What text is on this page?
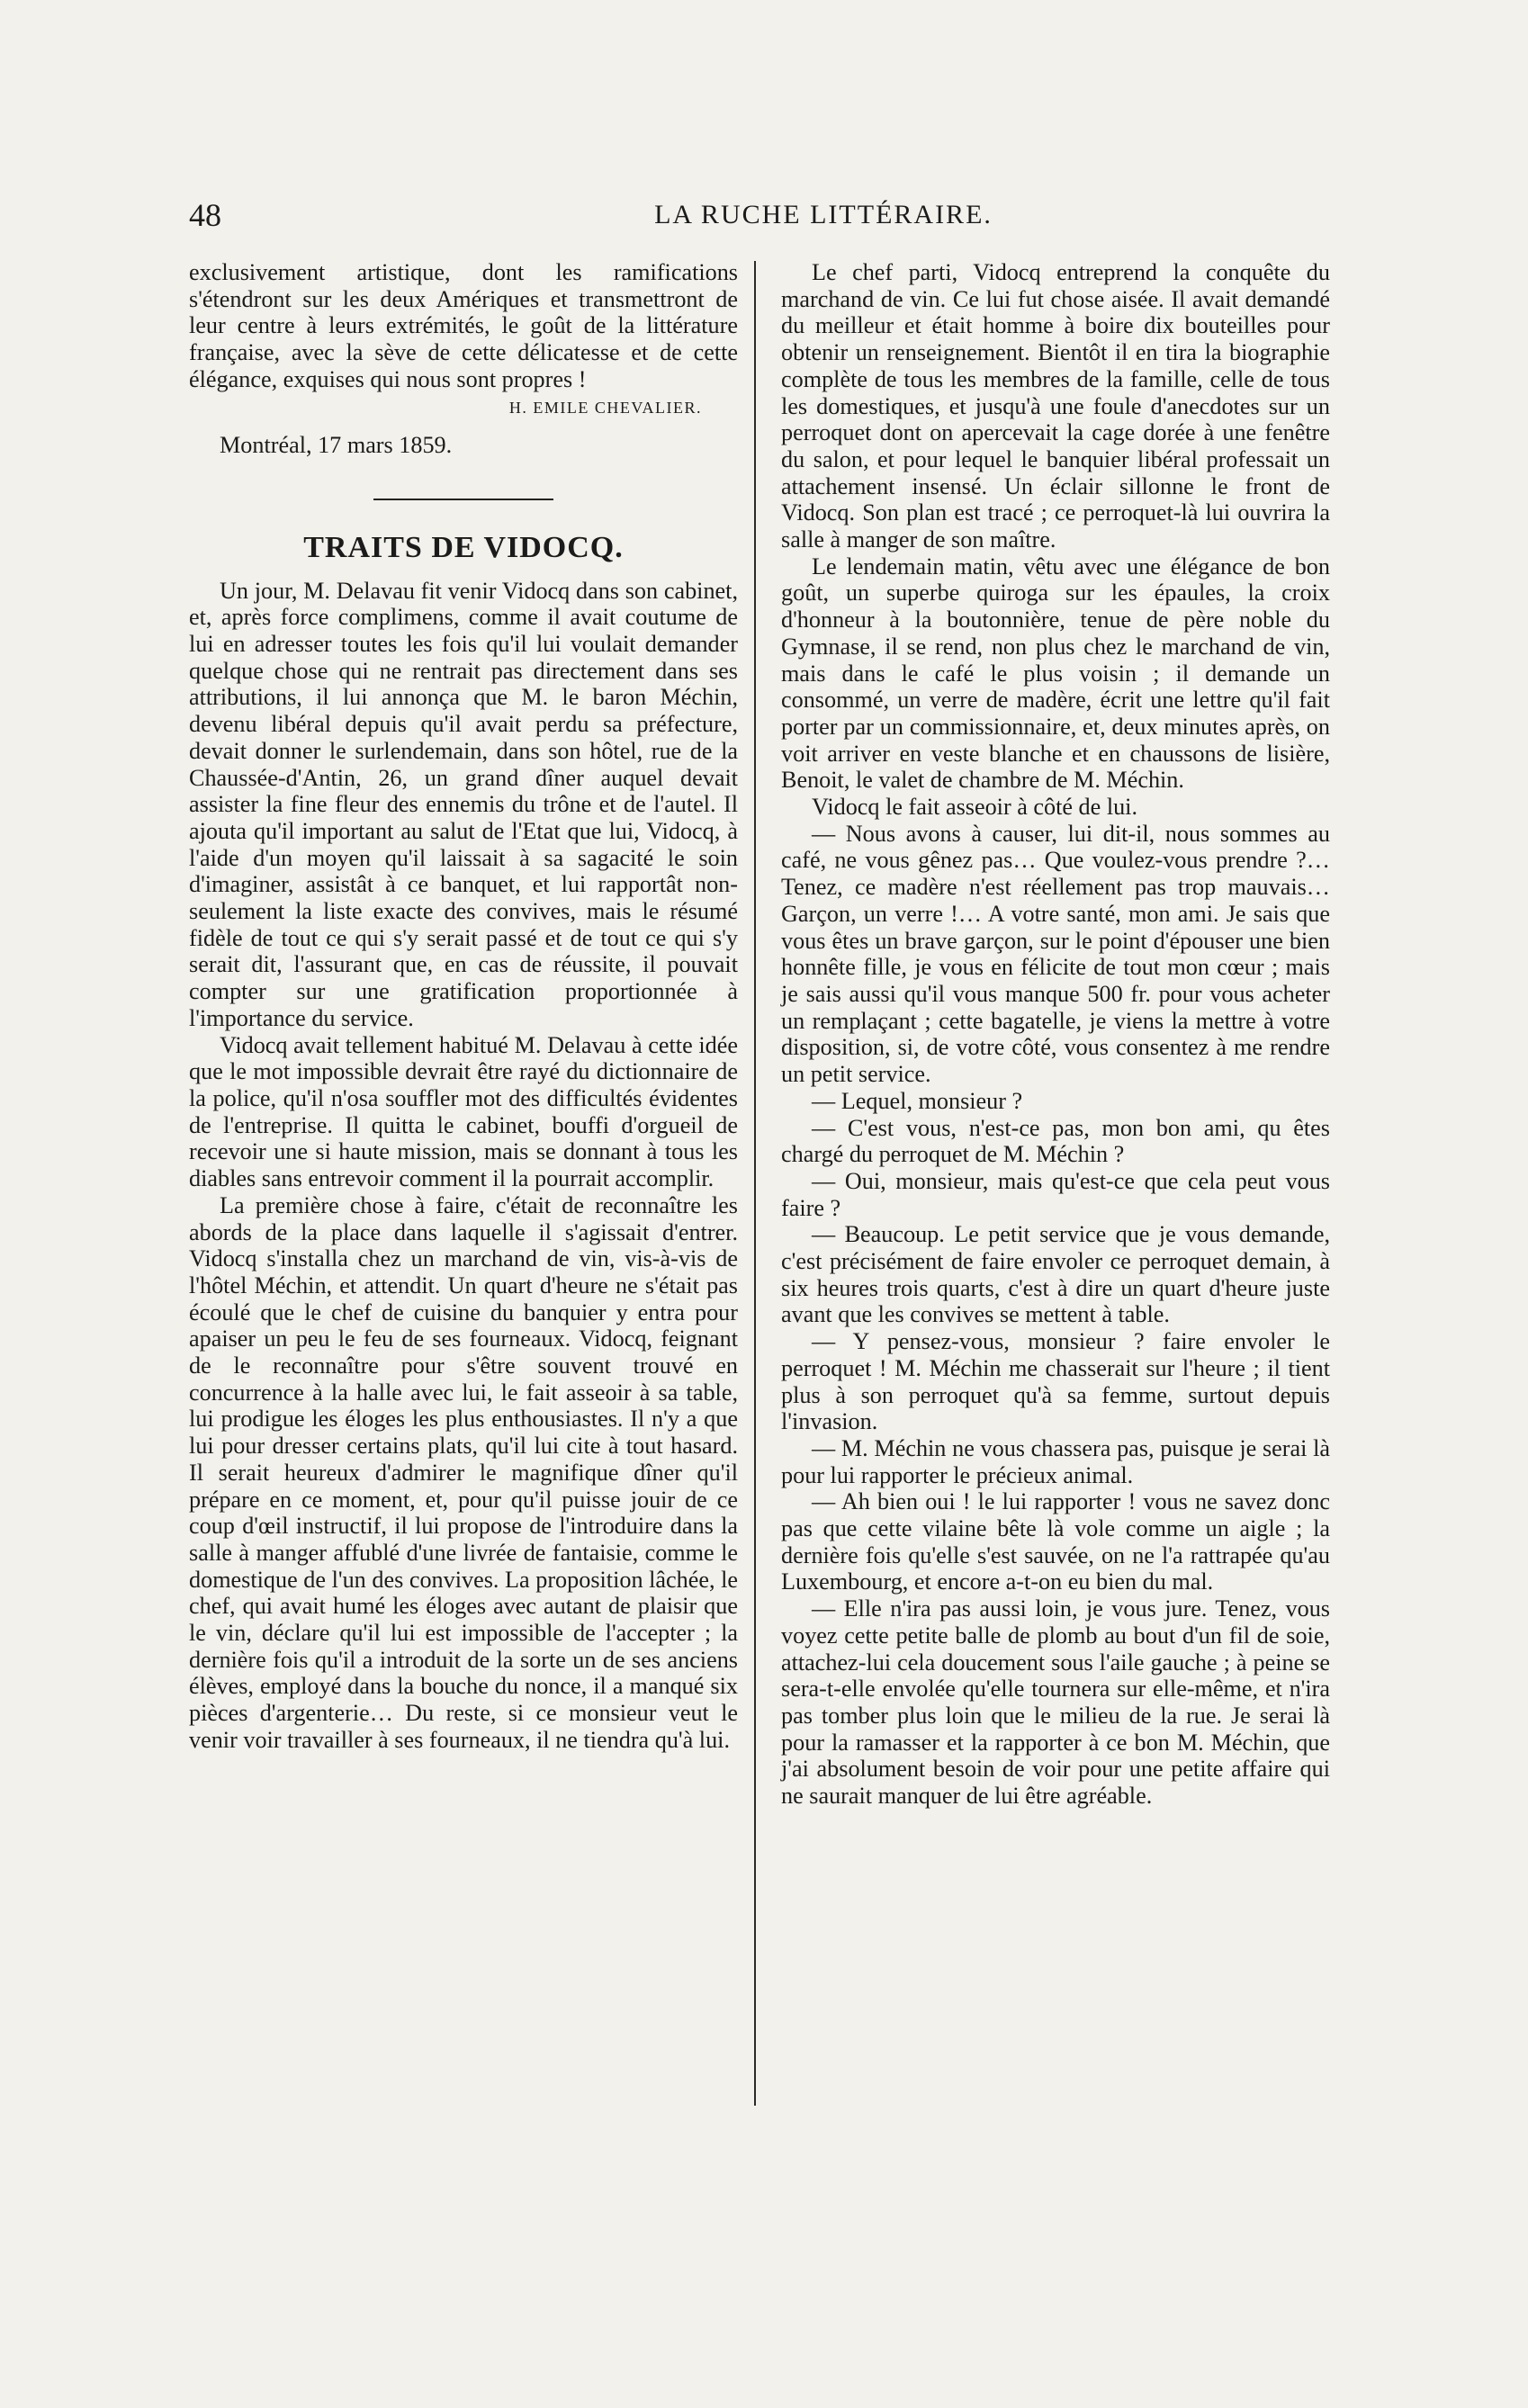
48	LA RUCHE LITTÉRAIRE.

exclusivement artistique, dont les ramifications s'étendront sur les deux Amériques et transmettront de leur centre à leurs extrémités, le goût de la littérature française, avec la sève de cette délicatesse et de cette élégance, exquises qui nous sont propres !

H. EMILE CHEVALIER.

Montréal, 17 mars 1859.

TRAITS DE VIDOCQ.

Un jour, M. Delavau fit venir Vidocq dans son cabinet, et, après force complimens, comme il avait coutume de lui en adresser toutes les fois qu'il lui voulait demander quelque chose qui ne rentrait pas directement dans ses attributions, il lui annonça que M. le baron Méchin, devenu libéral depuis qu'il avait perdu sa préfecture, devait donner le surlendemain, dans son hôtel, rue de la Chaussée-d'Antin, 26, un grand dîner auquel devait assister la fine fleur des ennemis du trône et de l'autel. Il ajouta qu'il important au salut de l'Etat que lui, Vidocq, à l'aide d'un moyen qu'il laissait à sa sagacité le soin d'imaginer, assistât à ce banquet, et lui rapportât non-seulement la liste exacte des convives, mais le résumé fidèle de tout ce qui s'y serait passé et de tout ce qui s'y serait dit, l'assurant que, en cas de réussite, il pouvait compter sur une gratification proportionnée à l'importance du service.

Vidocq avait tellement habitué M. Delavau à cette idée que le mot impossible devrait être rayé du dictionnaire de la police, qu'il n'osa souffler mot des difficultés évidentes de l'entreprise. Il quitta le cabinet, bouffi d'orgueil de recevoir une si haute mission, mais se donnant à tous les diables sans entrevoir comment il la pourrait accomplir.

La première chose à faire, c'était de reconnaître les abords de la place dans laquelle il s'agissait d'entrer. Vidocq s'installa chez un marchand de vin, vis-à-vis de l'hôtel Méchin, et attendit. Un quart d'heure ne s'était pas écoulé que le chef de cuisine du banquier y entra pour apaiser un peu le feu de ses fourneaux. Vidocq, feignant de le reconnaître pour s'être souvent trouvé en concurrence à la halle avec lui, le fait asseoir à sa table, lui prodigue les éloges les plus enthousiastes. Il n'y a que lui pour dresser certains plats, qu'il lui cite à tout hasard. Il serait heureux d'admirer le magnifique dîner qu'il prépare en ce moment, et, pour qu'il puisse jouir de ce coup d'œil instructif, il lui propose de l'introduire dans la salle à manger affublé d'une livrée de fantaisie, comme le domestique de l'un des convives. La proposition lâchée, le chef, qui avait humé les éloges avec autant de plaisir que le vin, déclare qu'il lui est impossible de l'accepter ; la dernière fois qu'il a introduit de la sorte un de ses anciens élèves, employé dans la bouche du nonce, il a manqué six pièces d'argenterie… Du reste, si ce monsieur veut le venir voir travailler à ses fourneaux, il ne tiendra qu'à lui.

Le chef parti, Vidocq entreprend la conquête du marchand de vin. Ce lui fut chose aisée. Il avait demandé du meilleur et était homme à boire dix bouteilles pour obtenir un renseignement. Bientôt il en tira la biographie complète de tous les membres de la famille, celle de tous les domestiques, et jusqu'à une foule d'anecdotes sur un perroquet dont on apercevait la cage dorée à une fenêtre du salon, et pour lequel le banquier libéral professait un attachement insensé. Un éclair sillonne le front de Vidocq. Son plan est tracé ; ce perroquet-là lui ouvrira la salle à manger de son maître.

Le lendemain matin, vêtu avec une élégance de bon goût, un superbe quiroga sur les épaules, la croix d'honneur à la boutonnière, tenue de père noble du Gymnase, il se rend, non plus chez le marchand de vin, mais dans le café le plus voisin ; il demande un consommé, un verre de madère, écrit une lettre qu'il fait porter par un commissionnaire, et, deux minutes après, on voit arriver en veste blanche et en chaussons de lisière, Benoit, le valet de chambre de M. Méchin.

Vidocq le fait asseoir à côté de lui.

— Nous avons à causer, lui dit-il, nous sommes au café, ne vous gênez pas… Que voulez-vous prendre ?… Tenez, ce madère n'est réellement pas trop mauvais… Garçon, un verre !… A votre santé, mon ami. Je sais que vous êtes un brave garçon, sur le point d'épouser une bien honnête fille, je vous en félicite de tout mon cœur ; mais je sais aussi qu'il vous manque 500 fr. pour vous acheter un remplaçant ; cette bagatelle, je viens la mettre à votre disposition, si, de votre côté, vous consentez à me rendre un petit service.

— Lequel, monsieur ?

— C'est vous, n'est-ce pas, mon bon ami, qu êtes chargé du perroquet de M. Méchin ?

— Oui, monsieur, mais qu'est-ce que cela peut vous faire ?

— Beaucoup. Le petit service que je vous demande, c'est précisément de faire envoler ce perroquet demain, à six heures trois quarts, c'est à dire un quart d'heure juste avant que les convives se mettent à table.

— Y pensez-vous, monsieur ? faire envoler le perroquet ! M. Méchin me chasserait sur l'heure ; il tient plus à son perroquet qu'à sa femme, surtout depuis l'invasion.

— M. Méchin ne vous chassera pas, puisque je serai là pour lui rapporter le précieux animal.

— Ah bien oui ! le lui rapporter ! vous ne savez donc pas que cette vilaine bête là vole comme un aigle ; la dernière fois qu'elle s'est sauvée, on ne l'a rattrapée qu'au Luxembourg, et encore a-t-on eu bien du mal.

— Elle n'ira pas aussi loin, je vous jure. Tenez, vous voyez cette petite balle de plomb au bout d'un fil de soie, attachez-lui cela doucement sous l'aile gauche ; à peine se sera-t-elle envolée qu'elle tournera sur elle-même, et n'ira pas tomber plus loin que le milieu de la rue. Je serai là pour la ramasser et la rapporter à ce bon M. Méchin, que j'ai absolument besoin de voir pour une petite affaire qui ne saurait manquer de lui être agréable.
